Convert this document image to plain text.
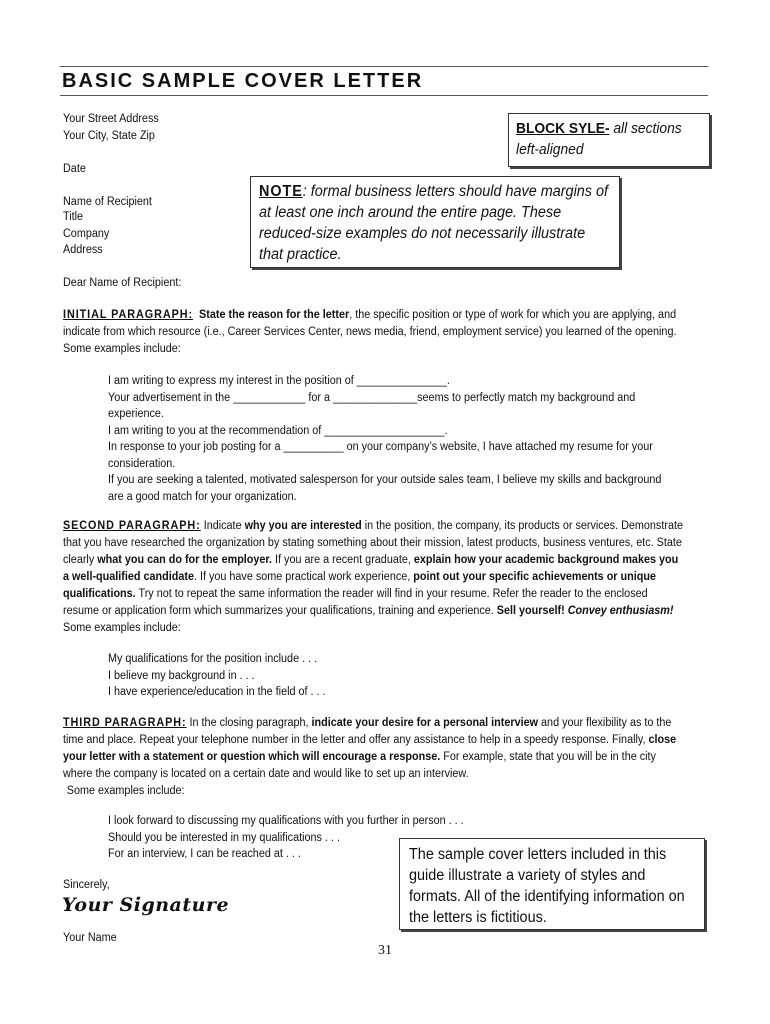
BASIC SAMPLE COVER LETTER
Your Street Address
Your City, State Zip
Date
Name of Recipient
Title
Company
Address
BLOCK SYLE- all sections
left-aligned
NOTE: formal business letters should have margins of
at least one inch around the entire page. These
reduced-size examples do not necessarily illustrate
that practice.
Dear Name of Recipient:

INITIAL PARAGRAPH: State the reason for the letter, the specific position or type of work for which you are applying, and indicate from which resource (i.e., Career Services Center, news media, friend, employment service) you learned of the opening. Some examples include:

I am writing to express my interest in the position of _______________.
Your advertisement in the ____________ for a ______________seems to perfectly match my background and
experience.
I am writing to you at the recommendation of ____________________.
In response to your job posting for a __________ on your company’s website, I have attached my resume for your
consideration.
If you are seeking a talented, motivated salesperson for your outside sales team, I believe my skills and background
are a good match for your organization.

SECOND PARAGRAPH: Indicate why you are interested in the position, the company, its products or services. Demonstrate that you have researched the organization by stating something about their mission, latest products, business ventures, etc. State clearly what you can do for the employer. If you are a recent graduate, explain how your academic background makes you a well-qualified candidate. If you have some practical work experience, point out your specific achievements or unique qualifications. Try not to repeat the same information the reader will find in your resume. Refer the reader to the enclosed resume or application form which summarizes your qualifications, training and experience. Sell yourself! Convey enthusiasm! Some examples include:

My qualifications for the position include . . .
I believe my background in . . .
I have experience/education in the field of . . .

THIRD PARAGRAPH: In the closing paragraph, indicate your desire for a personal interview and your flexibility as to the time and place. Repeat your telephone number in the letter and offer any assistance to help in a speedy response. Finally, close your letter with a statement or question which will encourage a response. For example, state that you will be in the city where the company is located on a certain date and would like to set up an interview.

Some examples include:

I look forward to discussing my qualifications with you further in person . . .
Should you be interested in my qualifications . . .
For an interview, I can be reached at . . .	The sample cover letters included in this
guide illustrate a variety of styles and
formats. All of the identifying information on
the letters is fictitious.
Sincerely,
Your Signature
Your Name
31
